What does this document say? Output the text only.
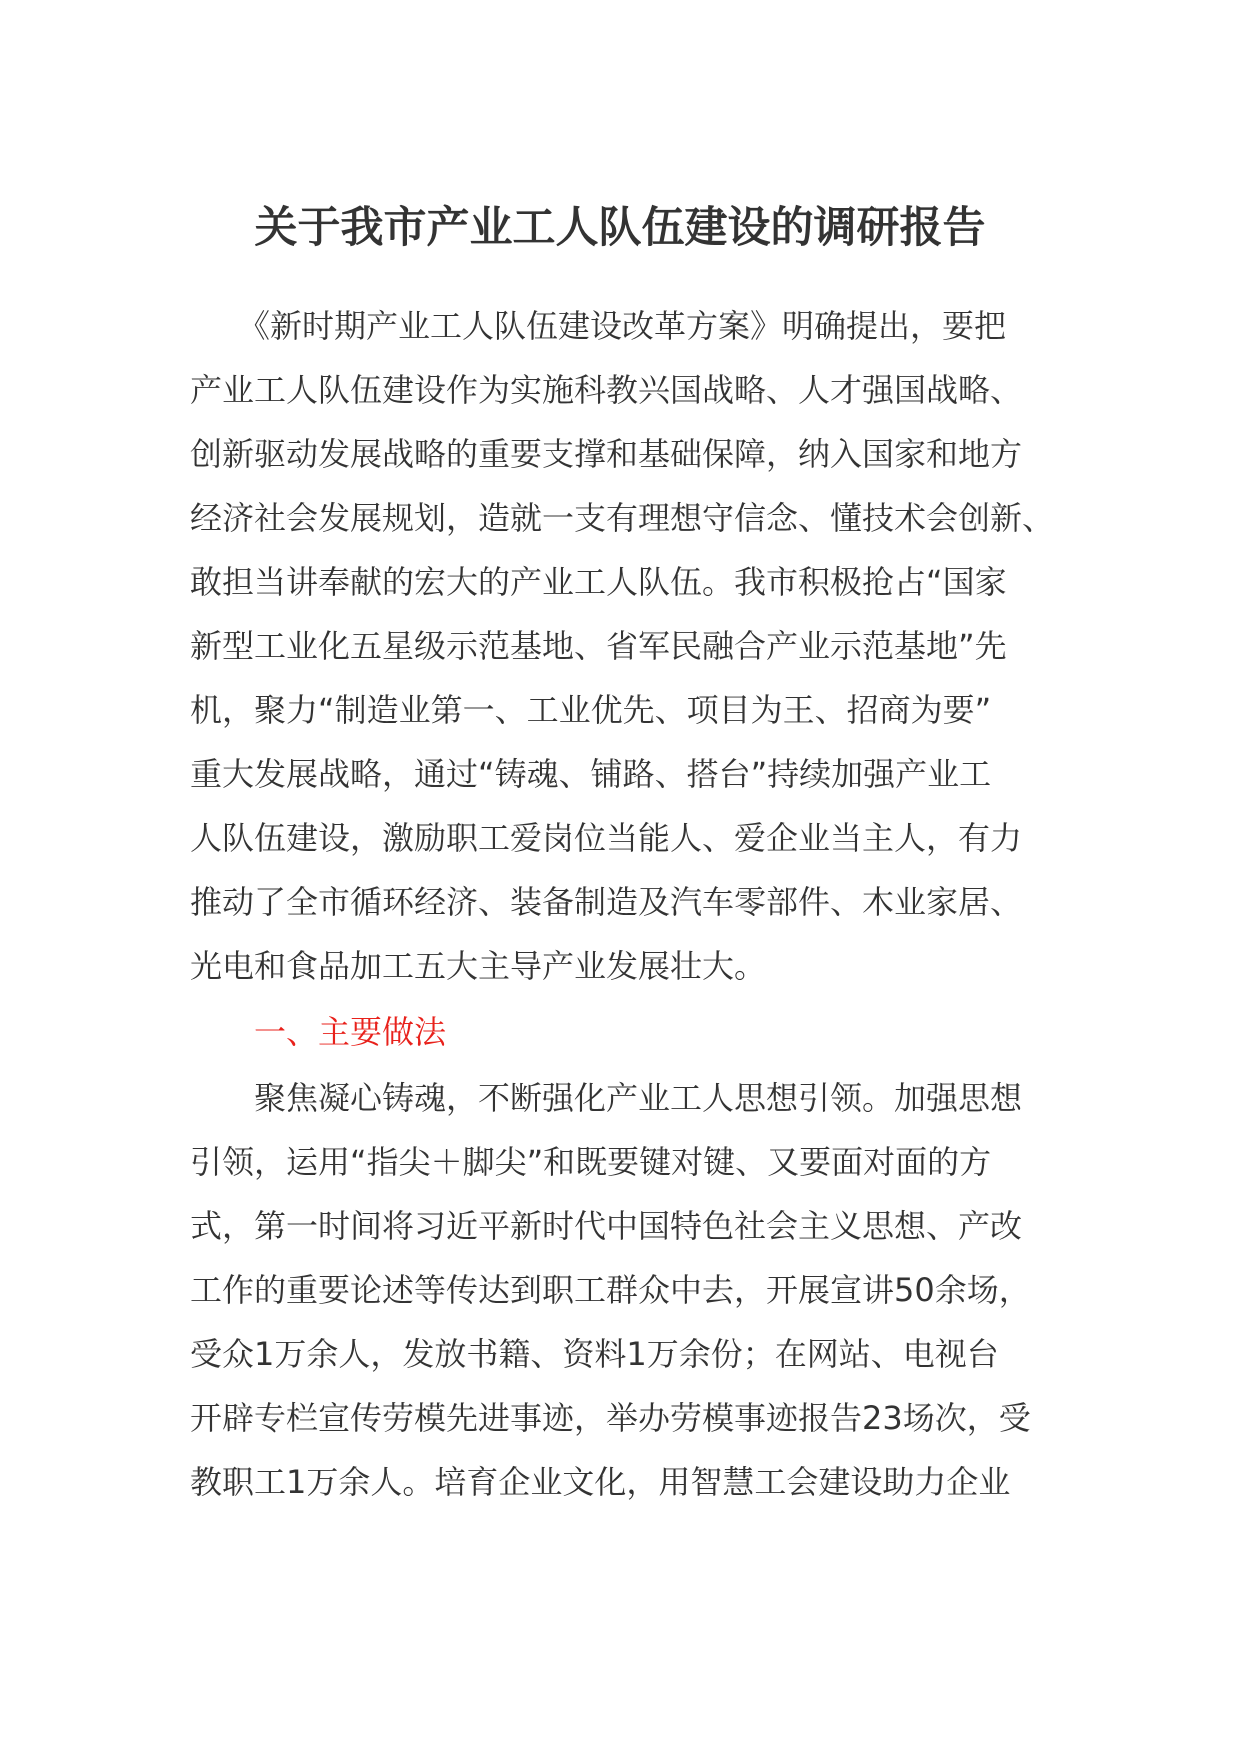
关于我市产业工人队伍建设的调研报告
　　《新时期产业工人队伍建设改革方案》明确提出，要把
产业工人队伍建设作为实施科教兴国战略、人才强国战略、
创新驱动发展战略的重要支撑和基础保障，纳入国家和地方
经济社会发展规划，造就一支有理想守信念、懂技术会创新、
敢担当讲奉献的宏大的产业工人队伍。我市积极抢占“国家
新型工业化五星级示范基地、省军民融合产业示范基地”先
机，聚力“制造业第一、工业优先、项目为王、招商为要”
重大发展战略，通过“铸魂、铺路、搭台”持续加强产业工
人队伍建设，激励职工爱岗位当能人、爱企业当主人，有力
推动了全市循环经济、装备制造及汽车零部件、木业家居、
光电和食品加工五大主导产业发展壮大。
　　一、主要做法
　　聚焦凝心铸魂，不断强化产业工人思想引领。加强思想
引领，运用“指尖＋脚尖”和既要键对键、又要面对面的方
式，第一时间将习近平新时代中国特色社会主义思想、产改
工作的重要论述等传达到职工群众中去，开展宣讲50余场，
受众1万余人，发放书籍、资料1万余份；在网站、电视台
开辟专栏宣传劳模先进事迹，举办劳模事迹报告23场次，受
教职工1万余人。培育企业文化，用智慧工会建设助力企业
